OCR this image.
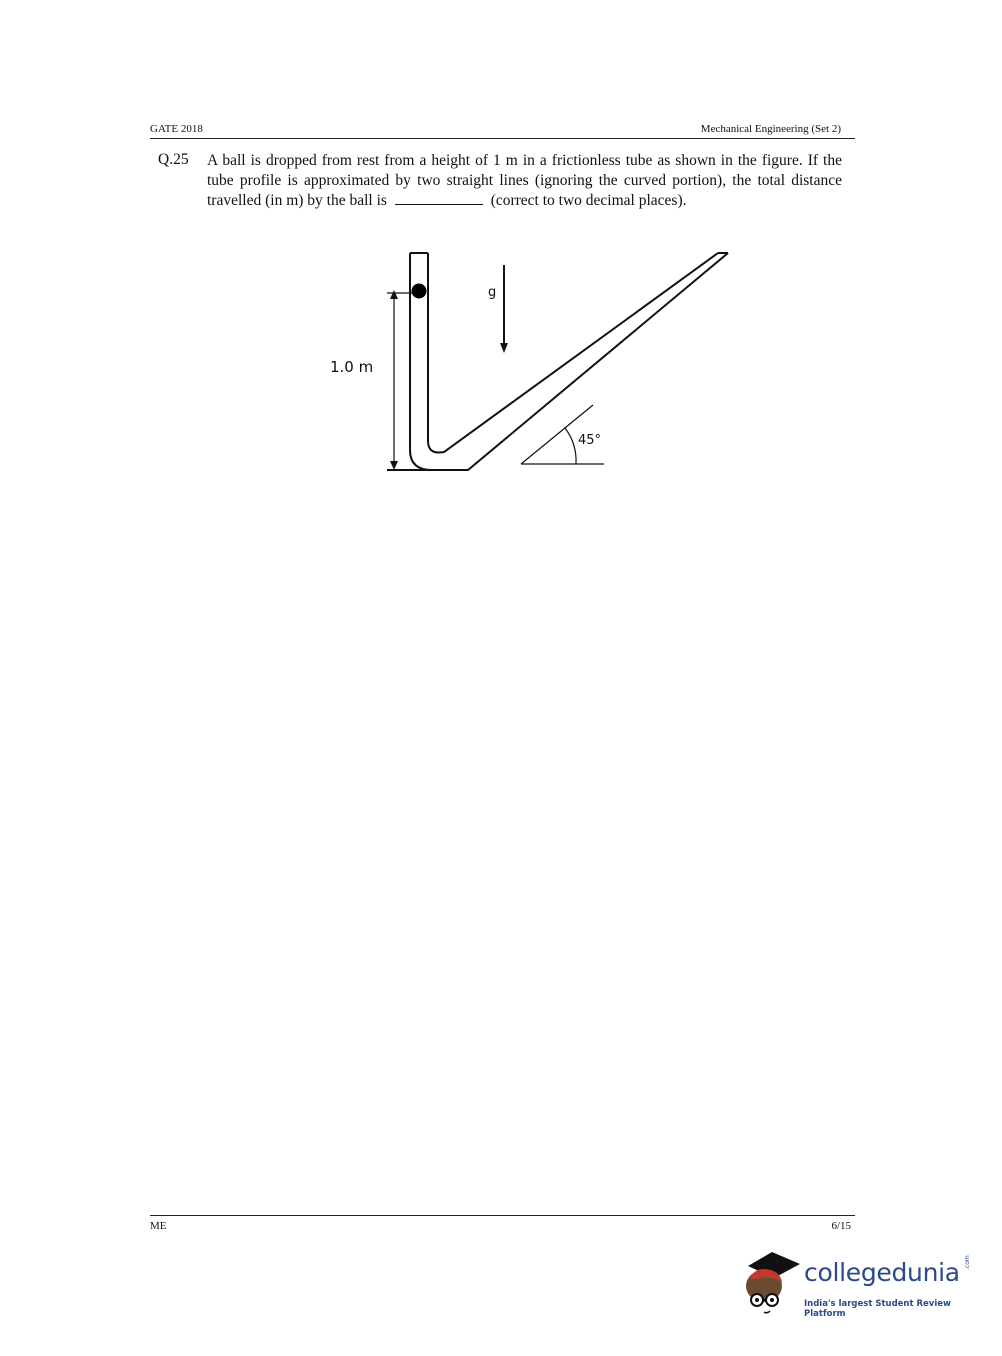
GATE 2018	Mechanical Engineering (Set 2)
Q.25 A ball is dropped from rest from a height of 1 m in a frictionless tube as shown in the figure. If the tube profile is approximated by two straight lines (ignoring the curved portion), the total distance travelled (in m) by the ball is	(correct to two decimal places).
1.0 m
g
45°
ME	6/15
collegedunia .com
India's largest Student Review Platform
